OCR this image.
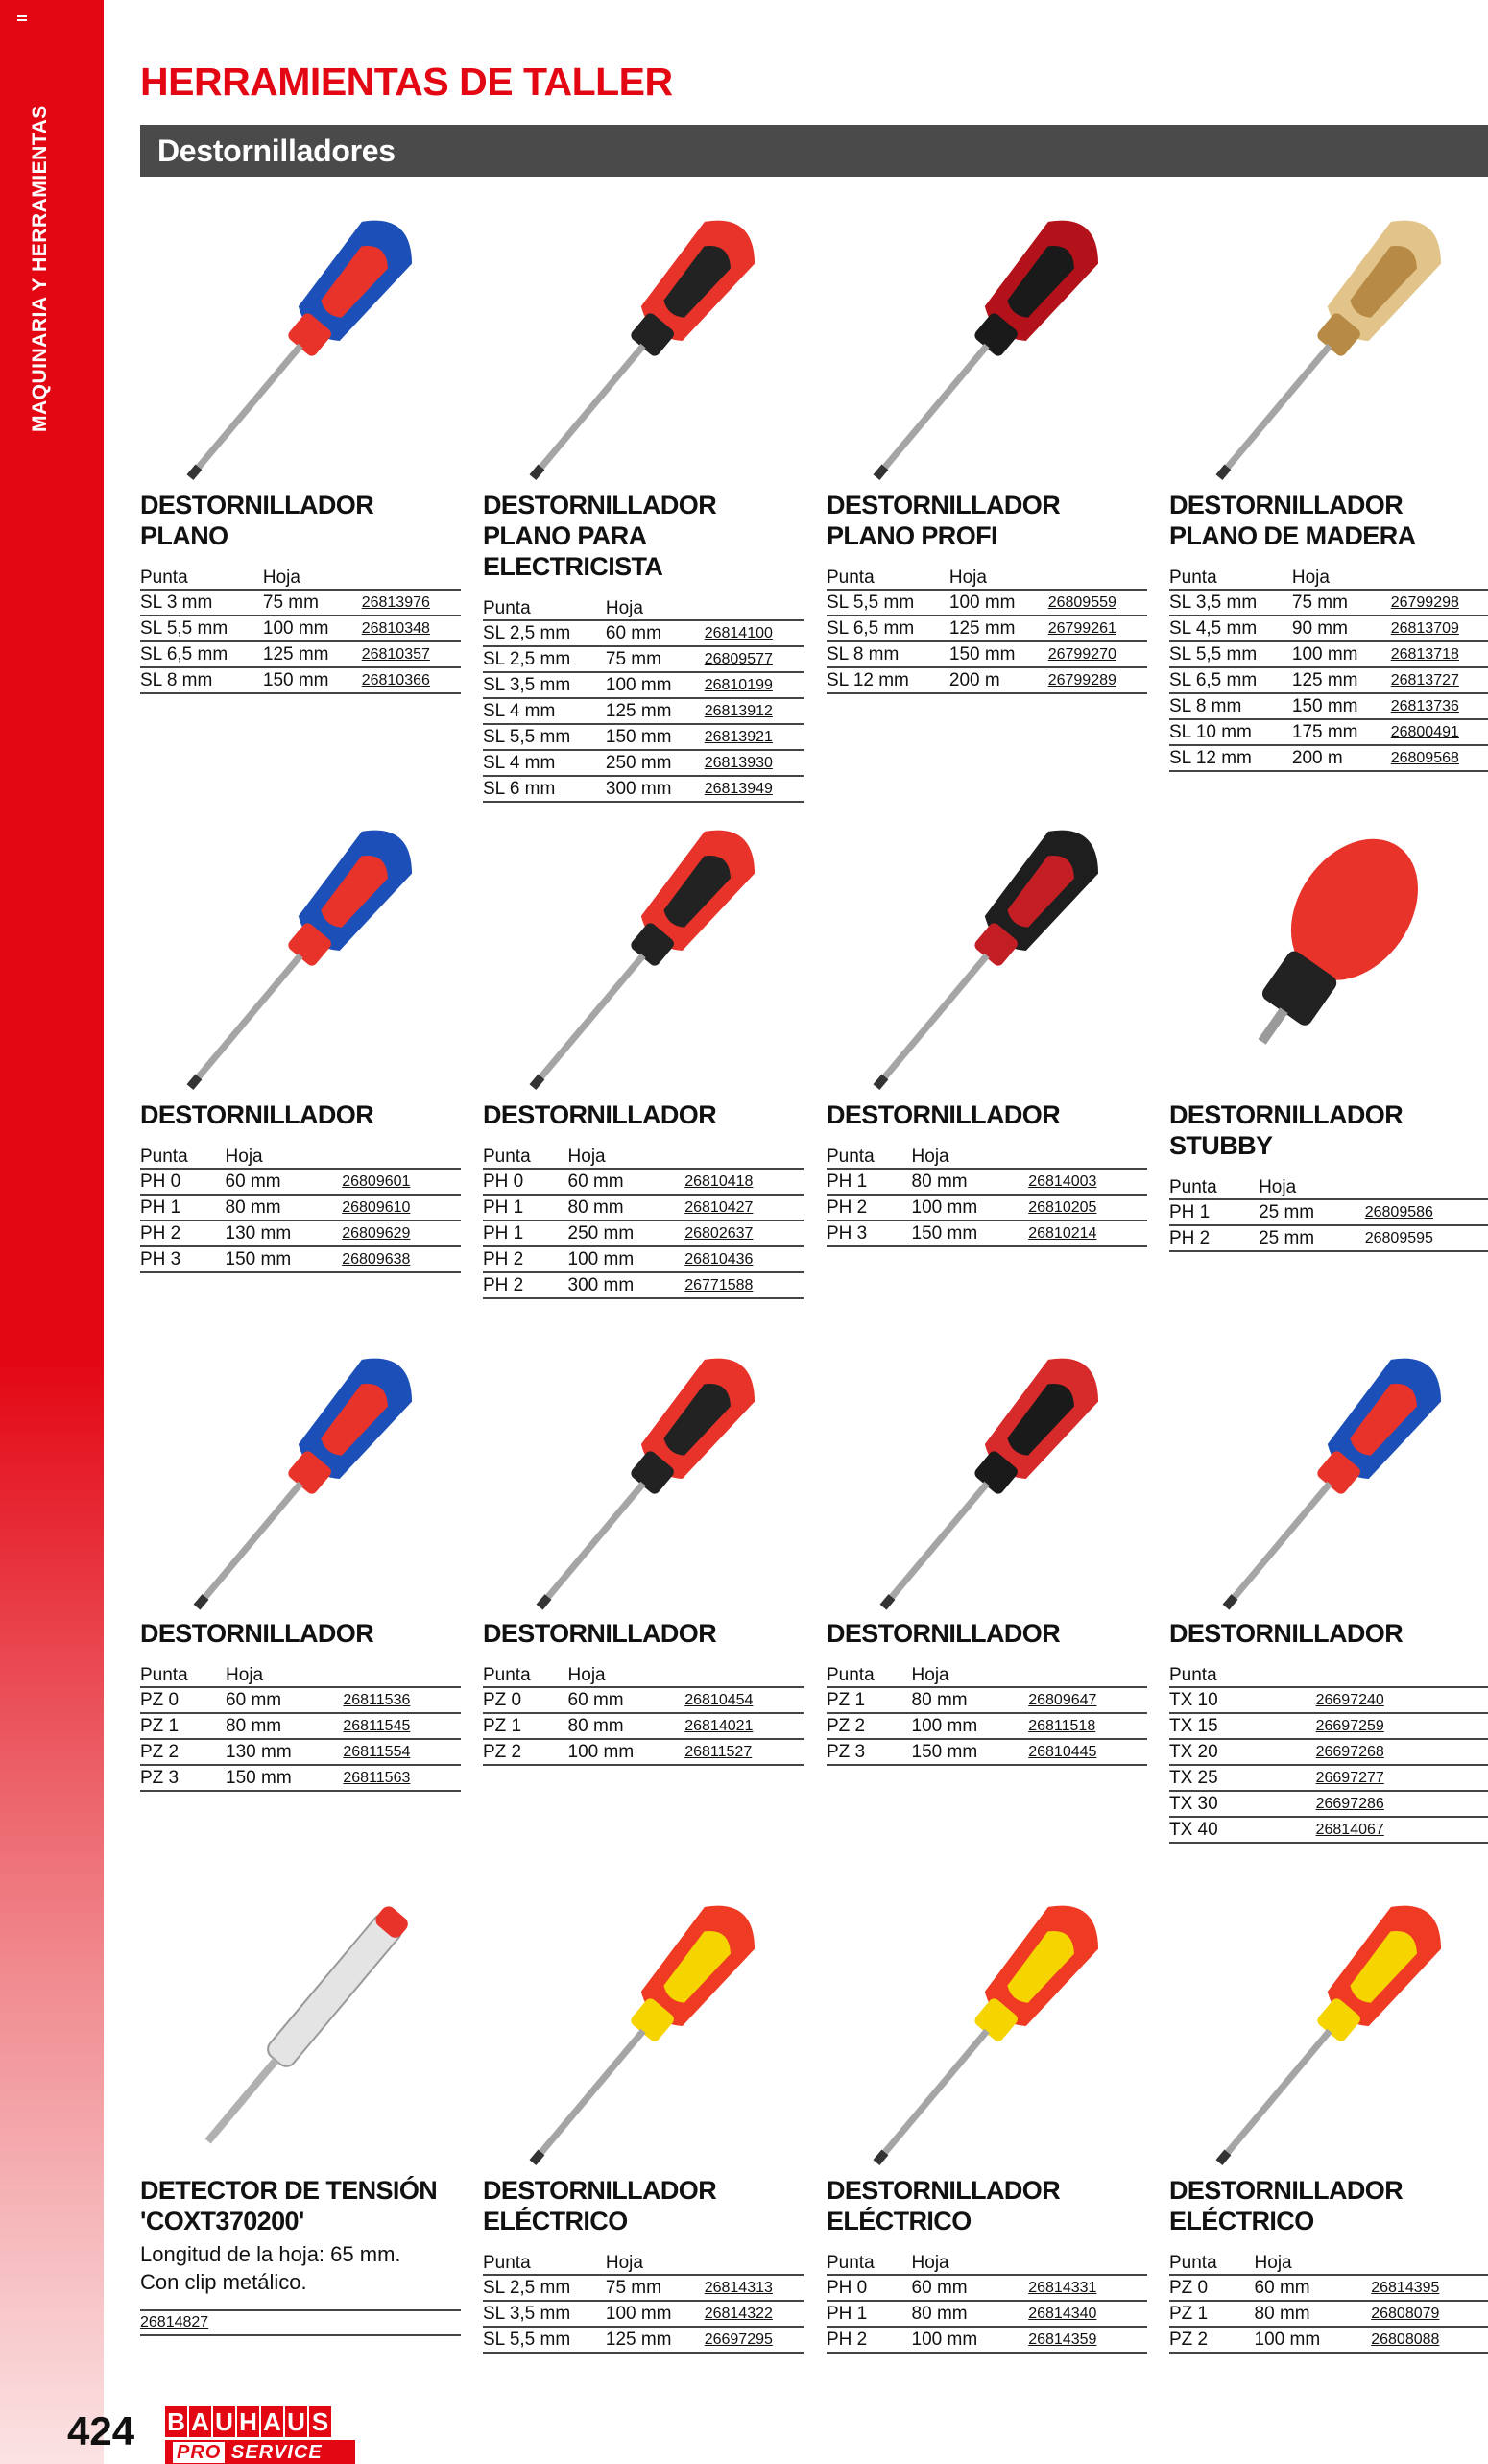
MAQUINARIA Y HERRAMIENTAS
HERRAMIENTAS DE TALLER
Destornilladores
DESTORNILLADOR PLANO
Punta	Hoja	
SL 3 mm	75 mm	26813976
SL 5,5 mm	100 mm	26810348
SL 6,5 mm	125 mm	26810357
SL 8 mm	150 mm	26810366
DESTORNILLADOR PLANO PARA ELECTRICISTA
Punta	Hoja	
SL 2,5 mm	60 mm	26814100
SL 2,5 mm	75 mm	26809577
SL 3,5 mm	100 mm	26810199
SL 4 mm	125 mm	26813912
SL 5,5 mm	150 mm	26813921
SL 4 mm	250 mm	26813930
SL 6 mm	300 mm	26813949
DESTORNILLADOR PLANO PROFI
Punta	Hoja	
SL 5,5 mm	100 mm	26809559
SL 6,5 mm	125 mm	26799261
SL 8 mm	150 mm	26799270
SL 12 mm	200 m	26799289
DESTORNILLADOR PLANO DE MADERA
Punta	Hoja	
SL 3,5 mm	75 mm	26799298
SL 4,5 mm	90 mm	26813709
SL 5,5 mm	100 mm	26813718
SL 6,5 mm	125 mm	26813727
SL 8 mm	150 mm	26813736
SL 10 mm	175 mm	26800491
SL 12 mm	200 m	26809568
DESTORNILLADOR
Punta	Hoja	
PH 0	60 mm	26809601
PH 1	80 mm	26809610
PH 2	130 mm	26809629
PH 3	150 mm	26809638
DESTORNILLADOR
Punta	Hoja	
PH 0	60 mm	26810418
PH 1	80 mm	26810427
PH 1	250 mm	26802637
PH 2	100 mm	26810436
PH 2	300 mm	26771588
DESTORNILLADOR
Punta	Hoja	
PH 1	80 mm	26814003
PH 2	100 mm	26810205
PH 3	150 mm	26810214
DESTORNILLADOR STUBBY
Punta	Hoja	
PH 1	25 mm	26809586
PH 2	25 mm	26809595
DESTORNILLADOR
Punta	Hoja	
PZ 0	60 mm	26811536
PZ 1	80 mm	26811545
PZ 2	130 mm	26811554
PZ 3	150 mm	26811563
DESTORNILLADOR
Punta	Hoja	
PZ 0	60 mm	26810454
PZ 1	80 mm	26814021
PZ 2	100 mm	26811527
DESTORNILLADOR
Punta	Hoja	
PZ 1	80 mm	26809647
PZ 2	100 mm	26811518
PZ 3	150 mm	26810445
DESTORNILLADOR
Punta		
TX 10		26697240
TX 15		26697259
TX 20		26697268
TX 25		26697277
TX 30		26697286
TX 40		26814067
DETECTOR DE TENSIÓN 'COXT370200'
Longitud de la hoja: 65 mm.
Con clip metálico.
26814827
DESTORNILLADOR ELÉCTRICO
Punta	Hoja	
SL 2,5 mm	75 mm	26814313
SL 3,5 mm	100 mm	26814322
SL 5,5 mm	125 mm	26697295
DESTORNILLADOR ELÉCTRICO
Punta	Hoja	
PH 0	60 mm	26814331
PH 1	80 mm	26814340
PH 2	100 mm	26814359
DESTORNILLADOR ELÉCTRICO
Punta	Hoja	
PZ 0	60 mm	26814395
PZ 1	80 mm	26808079
PZ 2	100 mm	26808088
424 B A U H A U S
PRO SERVICE
